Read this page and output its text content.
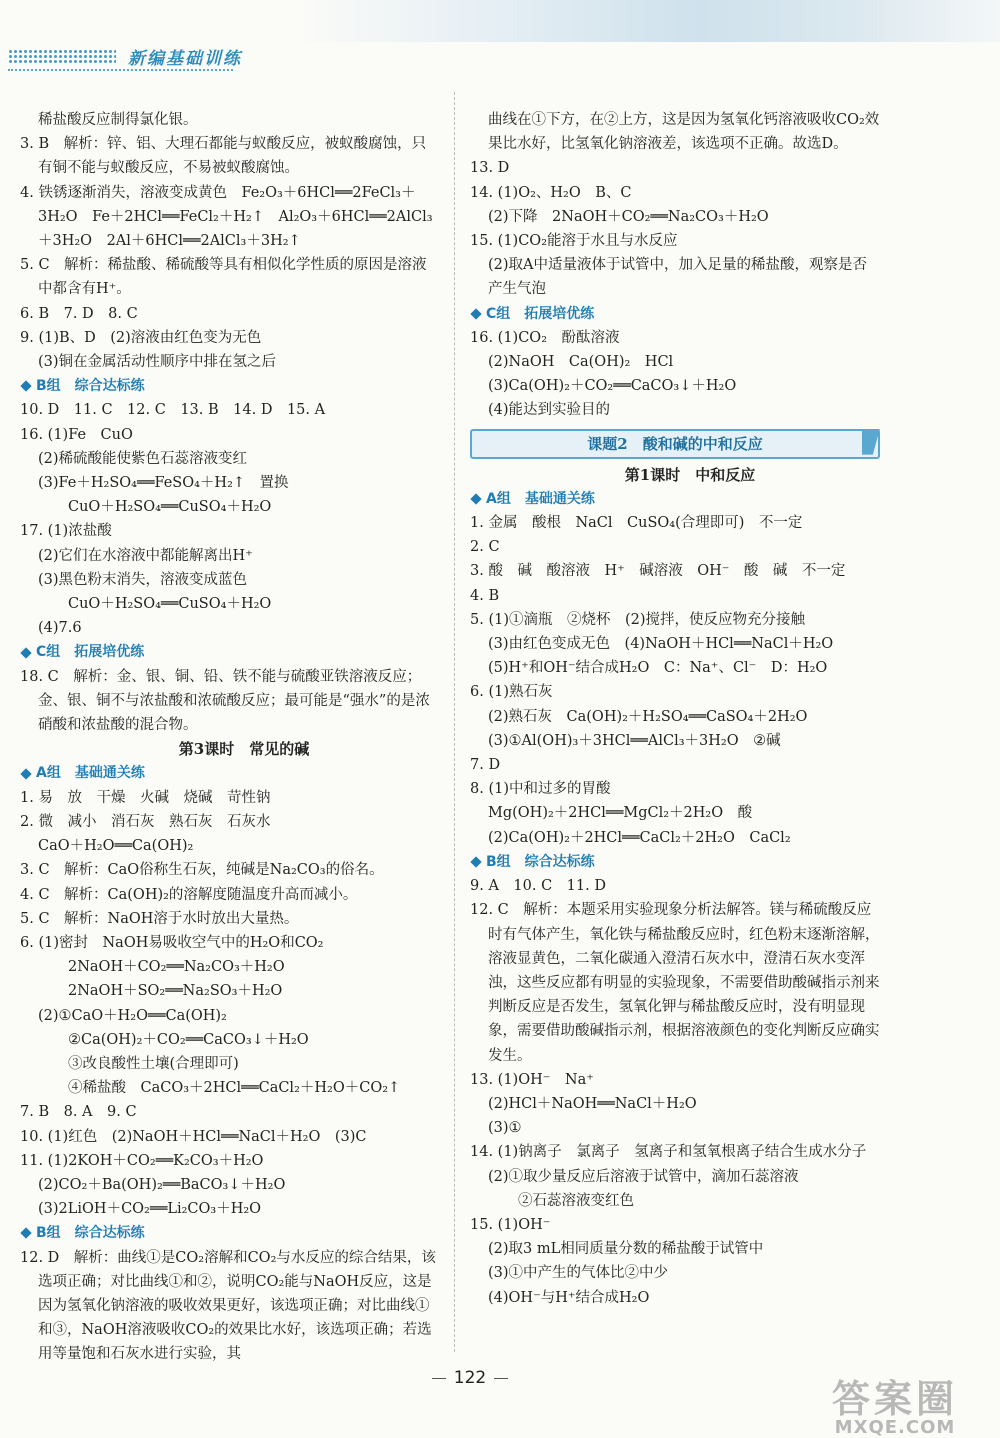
新编基础训练
稀盐酸反应制得氯化银。
3. B　解析：锌、铝、大理石都能与蚁酸反应，被蚁酸腐蚀，只有铜不能与蚁酸反应，不易被蚁酸腐蚀。
4. 铁锈逐渐消失，溶液变成黄色　Fe₂O₃＋6HCl══2FeCl₃＋3H₂O　Fe＋2HCl══FeCl₂＋H₂↑　Al₂O₃＋6HCl══2AlCl₃＋3H₂O　2Al＋6HCl══2AlCl₃＋3H₂↑
5. C　解析：稀盐酸、稀硫酸等具有相似化学性质的原因是溶液中都含有H⁺。
6. B　7. D　8. C
9. (1)B、D　(2)溶液由红色变为无色
(3)铜在金属活动性顺序中排在氢之后
B组　综合达标练
10. D　11. C　12. C　13. B　14. D　15. A
16. (1)Fe　CuO
(2)稀硫酸能使紫色石蕊溶液变红
(3)Fe＋H₂SO₄══FeSO₄＋H₂↑　置换
CuO＋H₂SO₄══CuSO₄＋H₂O
17. (1)浓盐酸
(2)它们在水溶液中都能解离出H⁺
(3)黑色粉末消失，溶液变成蓝色
CuO＋H₂SO₄══CuSO₄＋H₂O
(4)7.6
C组　拓展培优练
18. C　解析：金、银、铜、铅、铁不能与硫酸亚铁溶液反应；金、银、铜不与浓盐酸和浓硫酸反应；最可能是“强水”的是浓硝酸和浓盐酸的混合物。
第3课时　常见的碱
A组　基础通关练
1. 易　放　干燥　火碱　烧碱　苛性钠
2. 微　减小　消石灰　熟石灰　石灰水
CaO＋H₂O══Ca(OH)₂
3. C　解析：CaO俗称生石灰，纯碱是Na₂CO₃的俗名。
4. C　解析：Ca(OH)₂的溶解度随温度升高而减小。
5. C　解析：NaOH溶于水时放出大量热。
6. (1)密封　NaOH易吸收空气中的H₂O和CO₂
2NaOH＋CO₂══Na₂CO₃＋H₂O
2NaOH＋SO₂══Na₂SO₃＋H₂O
(2)①CaO＋H₂O══Ca(OH)₂
②Ca(OH)₂＋CO₂══CaCO₃↓＋H₂O
③改良酸性土壤(合理即可)
④稀盐酸　CaCO₃＋2HCl══CaCl₂＋H₂O＋CO₂↑
7. B　8. A　9. C
10. (1)红色　(2)NaOH＋HCl══NaCl＋H₂O　(3)C
11. (1)2KOH＋CO₂══K₂CO₃＋H₂O
(2)CO₂＋Ba(OH)₂══BaCO₃↓＋H₂O
(3)2LiOH＋CO₂══Li₂CO₃＋H₂O
B组　综合达标练
12. D　解析：曲线①是CO₂溶解和CO₂与水反应的综合结果，该选项正确；对比曲线①和②，说明CO₂能与NaOH反应，这是因为氢氧化钠溶液的吸收效果更好，该选项正确；对比曲线①和③，NaOH溶液吸收CO₂的效果比水好，该选项正确；若选用等量饱和石灰水进行实验，其
曲线在①下方，在②上方，这是因为氢氧化钙溶液吸收CO₂效果比水好，比氢氧化钠溶液差，该选项不正确。故选D。
13. D
14. (1)O₂、H₂O　B、C
(2)下降　2NaOH＋CO₂══Na₂CO₃＋H₂O
15. (1)CO₂能溶于水且与水反应
(2)取A中适量液体于试管中，加入足量的稀盐酸，观察是否产生气泡
C组　拓展培优练
16. (1)CO₂　酚酞溶液
(2)NaOH　Ca(OH)₂　HCl
(3)Ca(OH)₂＋CO₂══CaCO₃↓＋H₂O
(4)能达到实验目的
课题2　酸和碱的中和反应
第1课时　中和反应
A组　基础通关练
1. 金属　酸根　NaCl　CuSO₄(合理即可)　不一定
2. C
3. 酸　碱　酸溶液　H⁺　碱溶液　OH⁻　酸　碱　不一定
4. B
5. (1)①滴瓶　②烧杯　(2)搅拌，使反应物充分接触
(3)由红色变成无色　(4)NaOH＋HCl══NaCl＋H₂O
(5)H⁺和OH⁻结合成H₂O　C：Na⁺、Cl⁻　D：H₂O
6. (1)熟石灰
(2)熟石灰　Ca(OH)₂＋H₂SO₄══CaSO₄＋2H₂O
(3)①Al(OH)₃＋3HCl══AlCl₃＋3H₂O　②碱
7. D
8. (1)中和过多的胃酸
Mg(OH)₂＋2HCl══MgCl₂＋2H₂O　酸
(2)Ca(OH)₂＋2HCl══CaCl₂＋2H₂O　CaCl₂
B组　综合达标练
9. A　10. C　11. D
12. C　解析：本题采用实验现象分析法解答。镁与稀硫酸反应时有气体产生，氧化铁与稀盐酸反应时，红色粉末逐渐溶解，溶液显黄色，二氧化碳通入澄清石灰水中，澄清石灰水变浑浊，这些反应都有明显的实验现象，不需要借助酸碱指示剂来判断反应是否发生，氢氧化钾与稀盐酸反应时，没有明显现象，需要借助酸碱指示剂，根据溶液颜色的变化判断反应确实发生。
13. (1)OH⁻　Na⁺
(2)HCl＋NaOH══NaCl＋H₂O
(3)①
14. (1)钠离子　氯离子　氢离子和氢氧根离子结合生成水分子
(2)①取少量反应后溶液于试管中，滴加石蕊溶液
②石蕊溶液变红色
15. (1)OH⁻
(2)取3 mL相同质量分数的稀盐酸于试管中
(3)①中产生的气体比②中少
(4)OH⁻与H⁺结合成H₂O
122	答案圈
MXQE.COM
